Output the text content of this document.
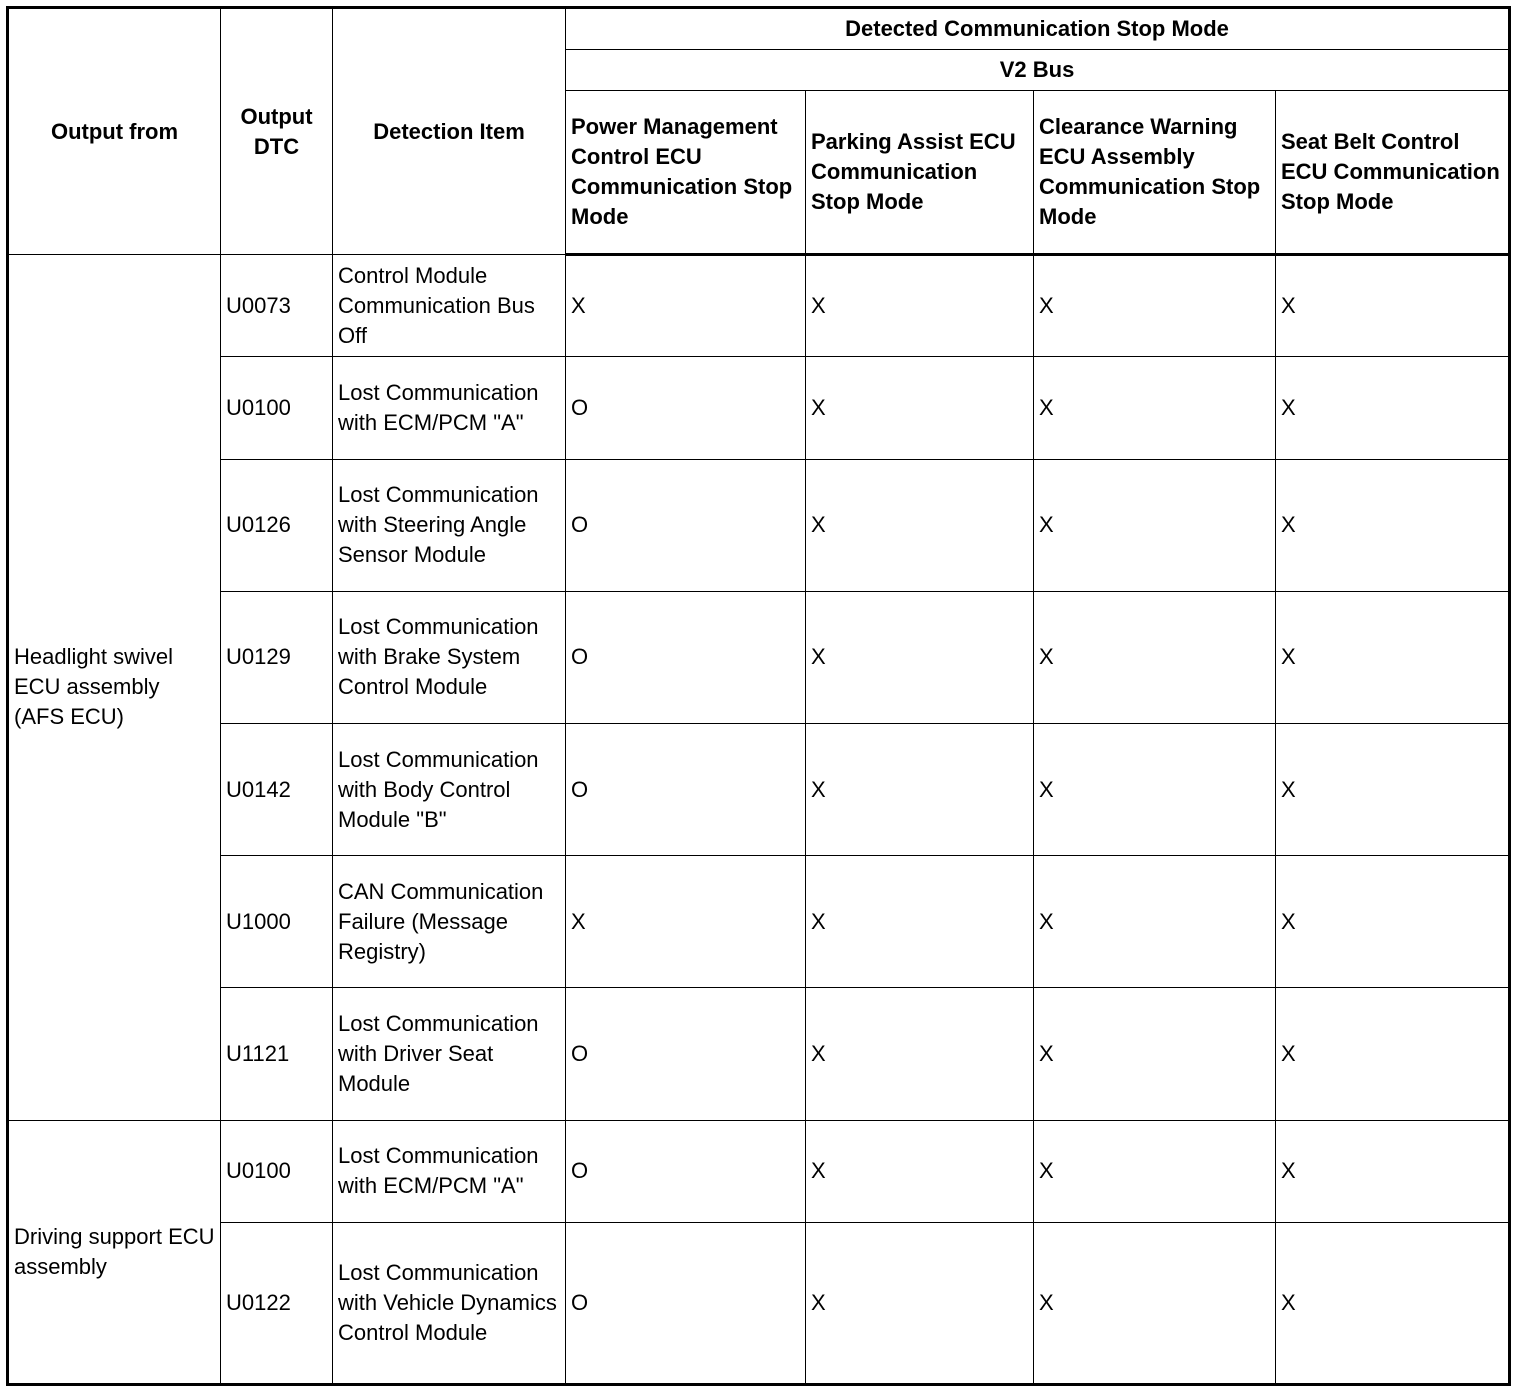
Output from	Output DTC	Detection Item	Detected Communication Stop Mode			
			V2 Bus			
			Power Management Control ECU Communication Stop Mode	Parking Assist ECU Communication Stop Mode	Clearance Warning ECU Assembly Communication Stop Mode	Seat Belt Control ECU Communication Stop Mode
Headlight swivel ECU assembly (AFS ECU)	U0073	Control Module Communication Bus Off	X	X	X	X
	U0100	Lost Communication with ECM/PCM "A"	O	X	X	X
	U0126	Lost Communication with Steering Angle Sensor Module	O	X	X	X
	U0129	Lost Communication with Brake System Control Module	O	X	X	X
	U0142	Lost Communication with Body Control Module "B"	O	X	X	X
	U1000	CAN Communication Failure (Message Registry)	X	X	X	X
	U1121	Lost Communication with Driver Seat Module	O	X	X	X
Driving support ECU assembly	U0100	Lost Communication with ECM/PCM "A"	O	X	X	X
	U0122	Lost Communication with Vehicle Dynamics Control Module	O	X	X	X
